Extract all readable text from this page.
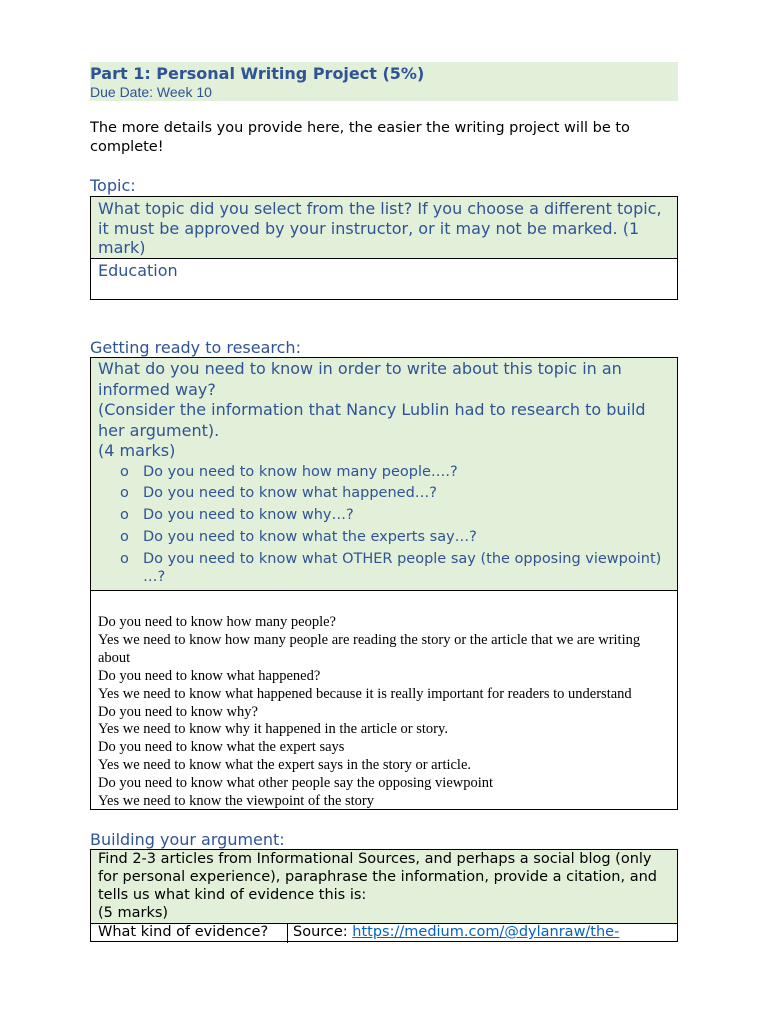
Part 1: Personal Writing Project (5%)
Due Date: Week 10
The more details you provide here, the easier the writing project will be to complete!
Topic:
What topic did you select from the list? If you choose a different topic, it must be approved by your instructor, or it may not be marked. (1 mark)
Education
Getting ready to research:
What do you need to know in order to write about this topic in an informed way?
(Consider the information that Nancy Lublin had to research to build her argument).
(4 marks)
o Do you need to know how many people….?
o Do you need to know what happened…?
o Do you need to know why…?
o Do you need to know what the experts say…?
o Do you need to know what OTHER people say (the opposing viewpoint) …?
Do you need to know how many people?
Yes we need to know how many people are reading the story or the article that we are writing about
Do you need to know what happened?
Yes we need to know what happened because it is really important for readers to understand
Do you need to know why?
Yes we need to know why it happened in the article or story.
Do you need to know what the expert says
Yes we need to know what the expert says in the story or article.
Do you need to know what other people say the opposing viewpoint
Yes we need to know the viewpoint of the story
Building your argument:
Find 2-3 articles from Informational Sources, and perhaps a social blog (only for personal experience), paraphrase the information, provide a citation, and tells us what kind of evidence this is:
(5 marks)
What kind of evidence?	Source: https://medium.com/@dylanraw/the-
